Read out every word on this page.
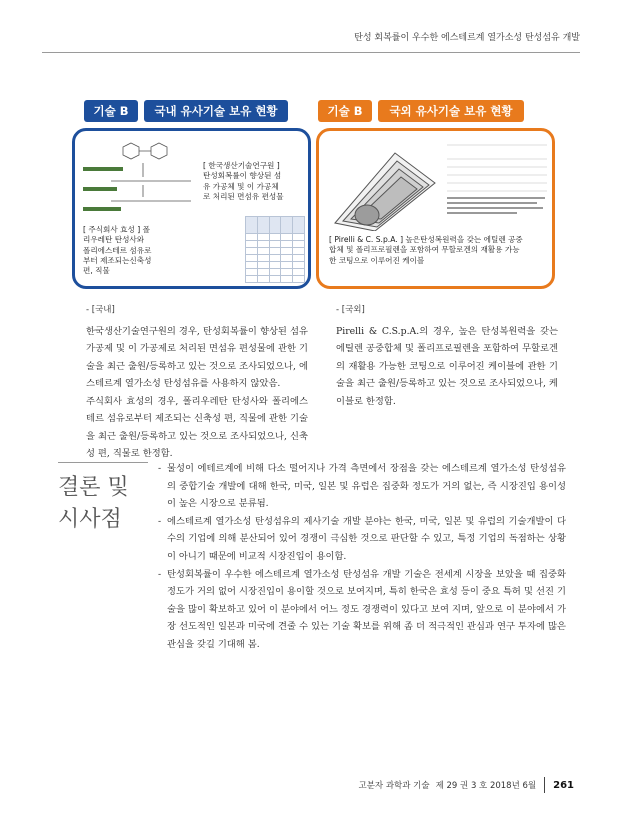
탄성 회복률이 우수한 에스테르계 열가소성 탄성섬유 개발
기술 B	국내 유사기술 보유 현황	기술 B	국외 유사기술 보유 현황
[ 한국생산기술연구원 ]
탄성회복률이 향상된 섬
유 가공체 및 이 가공체
로 처리된 면섬유 편성물
[ 주식회사 효성 ] 폴
리우레탄 탄성사와
폴리에스테르 섬유로
부터 제조되는신축성
편, 직물

[ Pirelli & C. S.p.A. ] 높은탄성복원력을 갖는 에틸렌 공중
합체 및 폴리프로필렌을 포함하여 무할로겐의 재활용 가능
한 코팅으로 이루어진 케이블
- [국내]

한국생산기술연구원의 경우, 탄성회복률이 향상된 섬유 가공제 및 이 가공제로 처리된 면섬유 편성물에 관한 기술을 최근 출원/등록하고 있는 것으로 조사되었으나, 에스테르계 열가소성 탄성섬유를 사용하지 않았음.

주식회사 효성의 경우, 폴리우레탄 탄성사와 폴리에스테르 섬유로부터 제조되는 신축성 편, 직물에 관한 기술을 최근 출원/등록하고 있는 것으로 조사되었으나, 신축성 편, 직물로 한정함.

- [국외]

Pirelli & C.S.p.A.의 경우, 높은 탄성복원력을 갖는 에틸렌 공중합체 및 폴리프로필렌을 포함하여 무할로겐의 재활용 가능한 코팅으로 이루어진 케이블에 관한 기술을 최근 출원/등록하고 있는 것으로 조사되었으나, 케이블로 한정함.

결론 및
시사점

- 물성이 에테르계에 비해 다소 떨어지나 가격 측면에서 장점을 갖는 에스테르계 열가소성 탄성섬유의 중합기술 개발에 대해 한국, 미국, 일본 및 유럽은 집중화 정도가 거의 없는, 즉 시장진입 용이성이 높은 시장으로 분류됨.

- 에스테르계 열가소성 탄성섬유의 제사기술 개발 분야는 한국, 미국, 일본 및 유럽의 기술개발이 다수의 기업에 의해 분산되어 있어 경쟁이 극심한 것으로 판단할 수 있고, 특정 기업의 독점하는 상황이 아니기 때문에 비교적 시장진입이 용이함.

- 탄성회복률이 우수한 에스테르계 열가소성 탄성섬유 개발 기술은 전세계 시장을 보았을 때 집중화 정도가 거의 없어 시장진입이 용이할 것으로 보여지며, 특히 한국은 효성 등이 중요 특허 및 선진 기술을 많이 확보하고 있어 이 분야에서 어느 정도 경쟁력이 있다고 보여 지며, 앞으로 이 분야에서 가장 선도적인 일본과 미국에 견줄 수 있는 기술 확보를 위해 좀 더 적극적인 관심과 연구 투자에 많은 관심을 갖길 기대해 봄.

고분자 과학과 기술 제 29 권 3 호 2018년 6월 261
